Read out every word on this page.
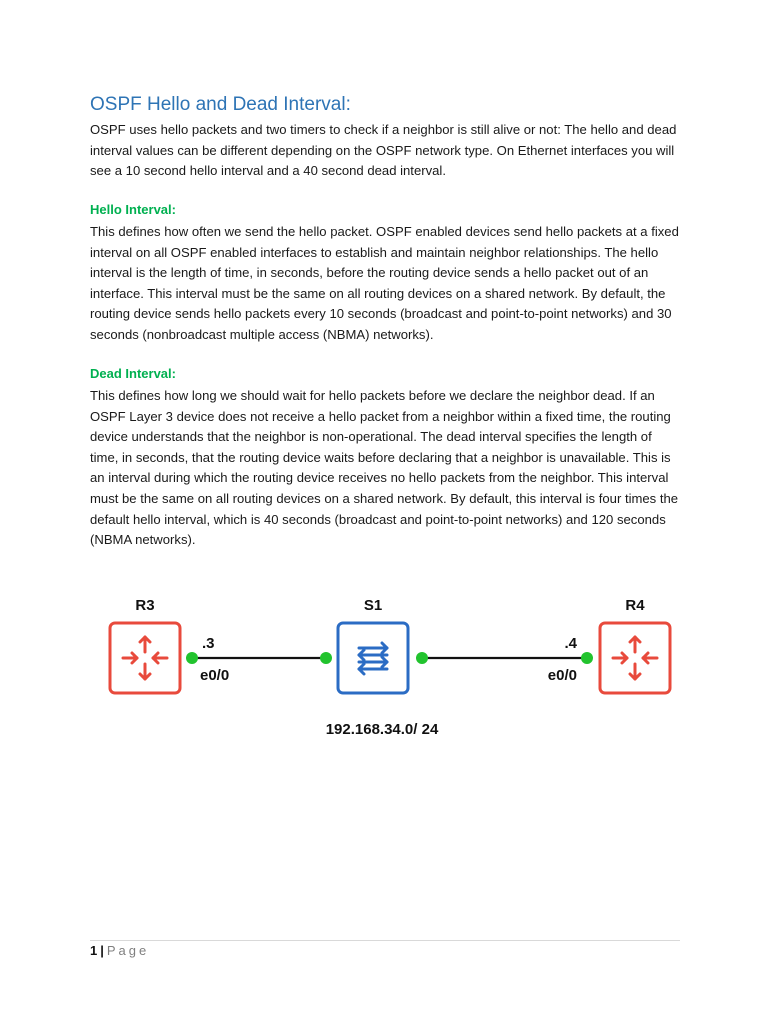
OSPF Hello and Dead Interval:

OSPF uses hello packets and two timers to check if a neighbor is still alive or not: The hello and dead interval values can be different depending on the OSPF network type. On Ethernet interfaces you will see a 10 second hello interval and a 40 second dead interval.

Hello Interval:

This defines how often we send the hello packet. OSPF enabled devices send hello packets at a fixed interval on all OSPF enabled interfaces to establish and maintain neighbor relationships. The hello interval is the length of time, in seconds, before the routing device sends a hello packet out of an interface. This interval must be the same on all routing devices on a shared network. By default, the routing device sends hello packets every 10 seconds (broadcast and point-to-point networks) and 30 seconds (nonbroadcast multiple access (NBMA) networks).

Dead Interval:

This defines how long we should wait for hello packets before we declare the neighbor dead. If an OSPF Layer 3 device does not receive a hello packet from a neighbor within a fixed time, the routing device understands that the neighbor is non-operational. The dead interval specifies the length of time, in seconds, that the routing device waits before declaring that a neighbor is unavailable. This is an interval during which the routing device receives no hello packets from the neighbor. This interval must be the same on all routing devices on a shared network. By default, this interval is four times the default hello interval, which is 40 seconds (broadcast and point-to-point networks) and 120 seconds (NBMA networks).

R3	S1	R4
.3
e0/0
.4
e0/0
192.168.34.0/ 24
1 | Page
